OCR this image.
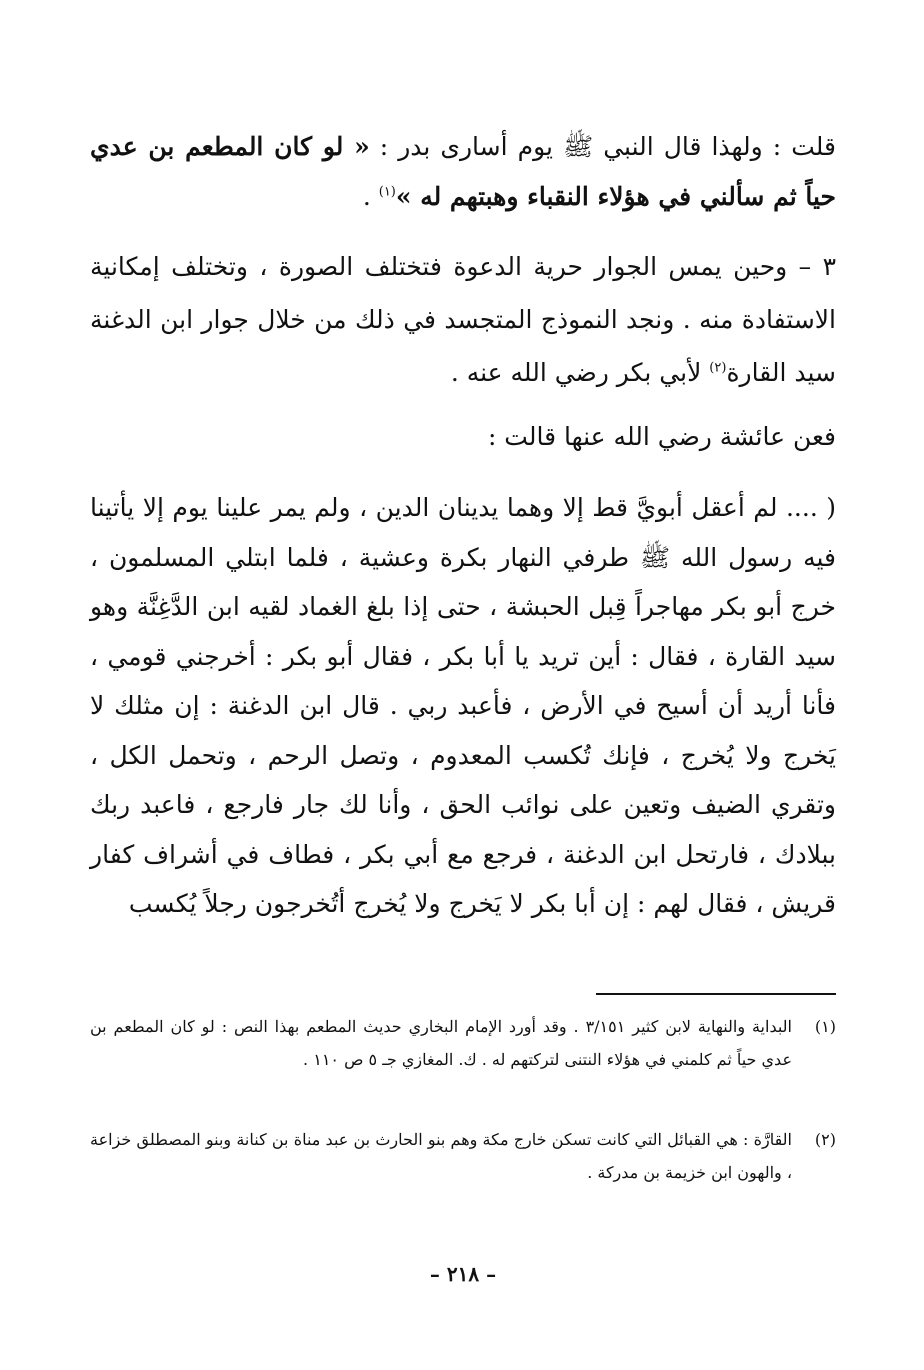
قلت : ولهذا قال النبي ﷺ يوم أسارى بدر : « لو كان المطعم بن عدي حياً ثم سألني في هؤلاء النقباء وهبتهم له »$^{(١)}$ .

٣ – وحين يمس الجوار حرية الدعوة فتختلف الصورة ، وتختلف إمكانية الاستفادة منه . ونجد النموذج المتجسد في ذلك من خلال جوار ابن الدغنة سيد القارة$^{(٢)}$ لأبي بكر رضي الله عنه .

فعن عائشة رضي الله عنها قالت :

( .... لم أعقل أبويَّ قط إلا وهما يدينان الدين ، ولم يمر علينا يوم إلا يأتينا فيه رسول الله ﷺ طرفي النهار بكرة وعشية ، فلما ابتلي المسلمون ، خرج أبو بكر مهاجراً قِبل الحبشة ، حتى إذا بلغ الغماد لقيه ابن الدَّغِنَّة وهو سيد القارة ، فقال : أين تريد يا أبا بكر ، فقال أبو بكر : أخرجني قومي ، فأنا أريد أن أسيح في الأرض ، فأعبد ربي . قال ابن الدغنة : إن مثلك لا يَخرج ولا يُخرج ، فإنك تُكسب المعدوم ، وتصل الرحم ، وتحمل الكل ، وتقري الضيف وتعين على نوائب الحق ، وأنا لك جار فارجع ، فاعبد ربك ببلادك ، فارتحل ابن الدغنة ، فرجع مع أبي بكر ، فطاف في أشراف كفار قريش ، فقال لهم : إن أبا بكر لا يَخرج ولا يُخرج أتُخرجون رجلاً يُكسب

(١)
البداية والنهاية لابن كثير ٣/١٥١ . وقد أورد الإمام البخاري حديث المطعم بهذا النص : لو كان المطعم بن عدي حياً ثم كلمني في هؤلاء النتنى لتركتهم له . ك. المغازي جـ ٥ ص ١١٠ .
(٢)
القارَّة : هي القبائل التي كانت تسكن خارج مكة وهم بنو الحارث بن عبد مناة بن كنانة وبنو المصطلق خزاعة ، والهون ابن خزيمة بن مدركة .
– ٢١٨ –
